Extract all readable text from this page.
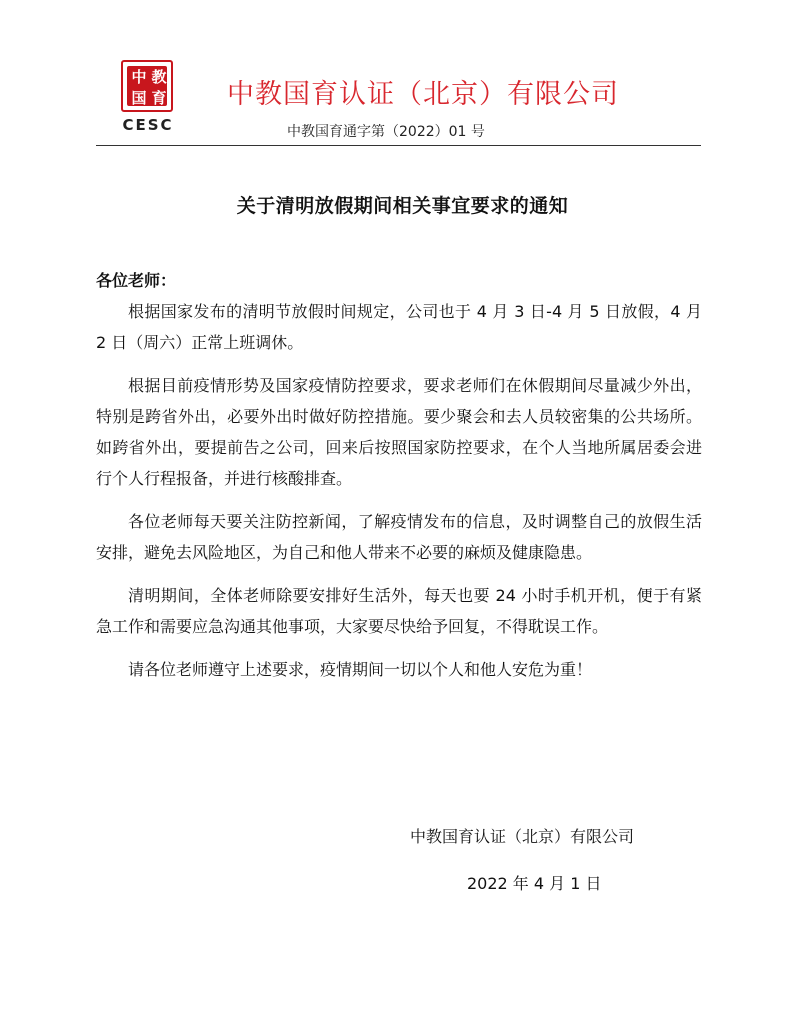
中 教
国 育
CESC
中教国育认证（北京）有限公司
中教国育通字第（2022）01 号
关于清明放假期间相关事宜要求的通知
各位老师：

根据国家发布的清明节放假时间规定，公司也于 4 月 3 日-4 月 5 日放假，4 月 2 日（周六）正常上班调休。

根据目前疫情形势及国家疫情防控要求，要求老师们在休假期间尽量减少外出，特别是跨省外出，必要外出时做好防控措施。要少聚会和去人员较密集的公共场所。如跨省外出，要提前告之公司，回来后按照国家防控要求，在个人当地所属居委会进行个人行程报备，并进行核酸排查。

各位老师每天要关注防控新闻，了解疫情发布的信息，及时调整自己的放假生活安排，避免去风险地区，为自己和他人带来不必要的麻烦及健康隐患。

清明期间，全体老师除要安排好生活外，每天也要 24 小时手机开机，便于有紧急工作和需要应急沟通其他事项，大家要尽快给予回复，不得耽误工作。

请各位老师遵守上述要求，疫情期间一切以个人和他人安危为重！

中教国育认证（北京）有限公司
2022 年 4 月 1 日
